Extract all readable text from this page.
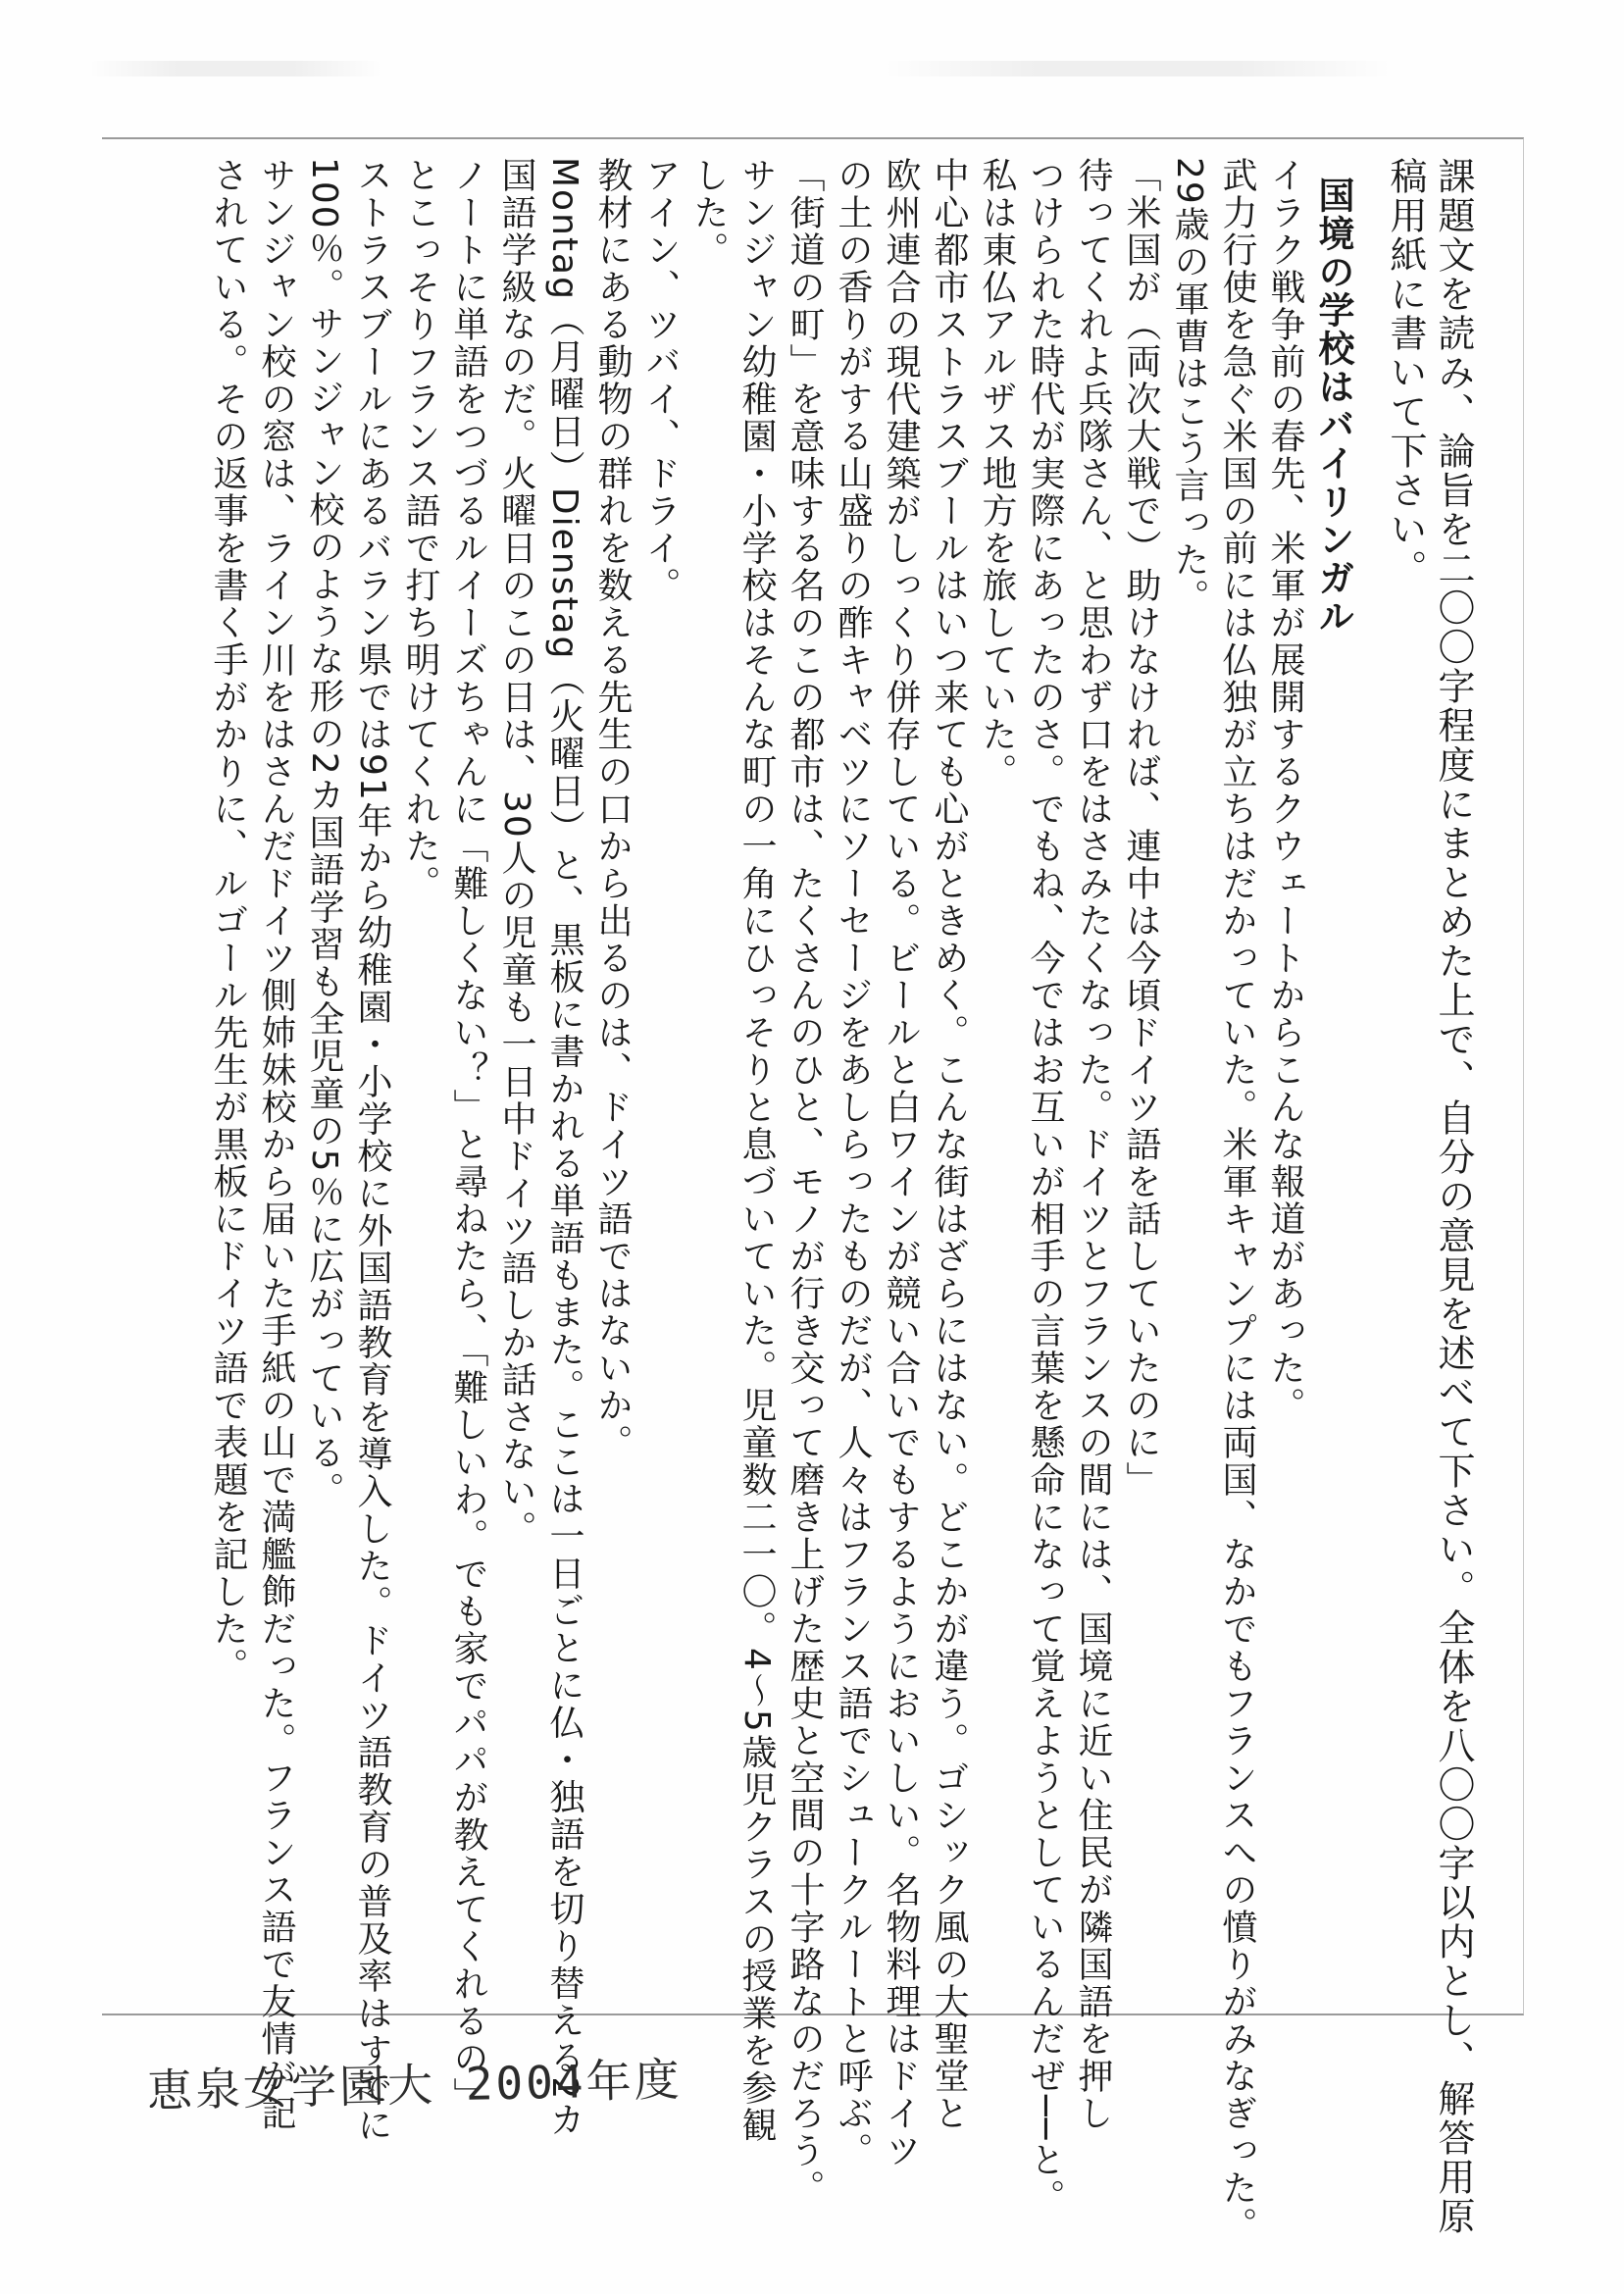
課題文を読み、論旨を二〇〇字程度にまとめた上で、自分の意見を述べて下さい。全体を八〇〇字以内とし、解答用原

稿用紙に書いて下さい。

国境の学校はバイリンガル

イラク戦争前の春先、米軍が展開するクウェートからこんな報道があった。

武力行使を急ぐ米国の前には仏独が立ちはだかっていた。米軍キャンプには両国、なかでもフランスへの憤りがみなぎった。

29歳の軍曹はこう言った。

「米国が（両次大戦で）助けなければ、連中は今頃ドイツ語を話していたのに」

待ってくれよ兵隊さん、と思わず口をはさみたくなった。ドイツとフランスの間には、国境に近い住民が隣国語を押し

つけられた時代が実際にあったのさ。でもね、今ではお互いが相手の言葉を懸命になって覚えようとしているんだぜ──と。

私は東仏アルザス地方を旅していた。

中心都市ストラスブールはいつ来ても心がときめく。こんな街はざらにはない。どこかが違う。ゴシック風の大聖堂と

欧州連合の現代建築がしっくり併存している。ビールと白ワインが競い合いでもするようにおいしい。名物料理はドイツ

の土の香りがする山盛りの酢キャベツにソーセージをあしらったものだが、人々はフランス語でシュークルートと呼ぶ。

「街道の町」を意味する名のこの都市は、たくさんのひと、モノが行き交って磨き上げた歴史と空間の十字路なのだろう。

サンジャン幼稚園・小学校はそんな町の一角にひっそりと息づいていた。児童数二一〇。4～5歳児クラスの授業を参観

した。

アイン、ツバイ、ドライ。

教材にある動物の群れを数える先生の口から出るのは、ドイツ語ではないか。

Montag（月曜日）Dienstag（火曜日）と、黒板に書かれる単語もまた。ここは一日ごとに仏・独語を切り替える2カ

国語学級なのだ。火曜日のこの日は、30人の児童も一日中ドイツ語しか話さない。

ノートに単語をつづるルイーズちゃんに「難しくない？」と尋ねたら、「難しいわ。でも家でパパが教えてくれるの」

とこっそりフランス語で打ち明けてくれた。

ストラスブールにあるバラン県では91年から幼稚園・小学校に外国語教育を導入した。ドイツ語教育の普及率はすでに

100％。サンジャン校のような形の2カ国語学習も全児童の5％に広がっている。

サンジャン校の窓は、ライン川をはさんだドイツ側姉妹校から届いた手紙の山で満艦飾だった。フランス語で友情が記

されている。その返事を書く手がかりに、ルゴール先生が黒板にドイツ語で表題を記した。

恵泉女学園大 2004年度
